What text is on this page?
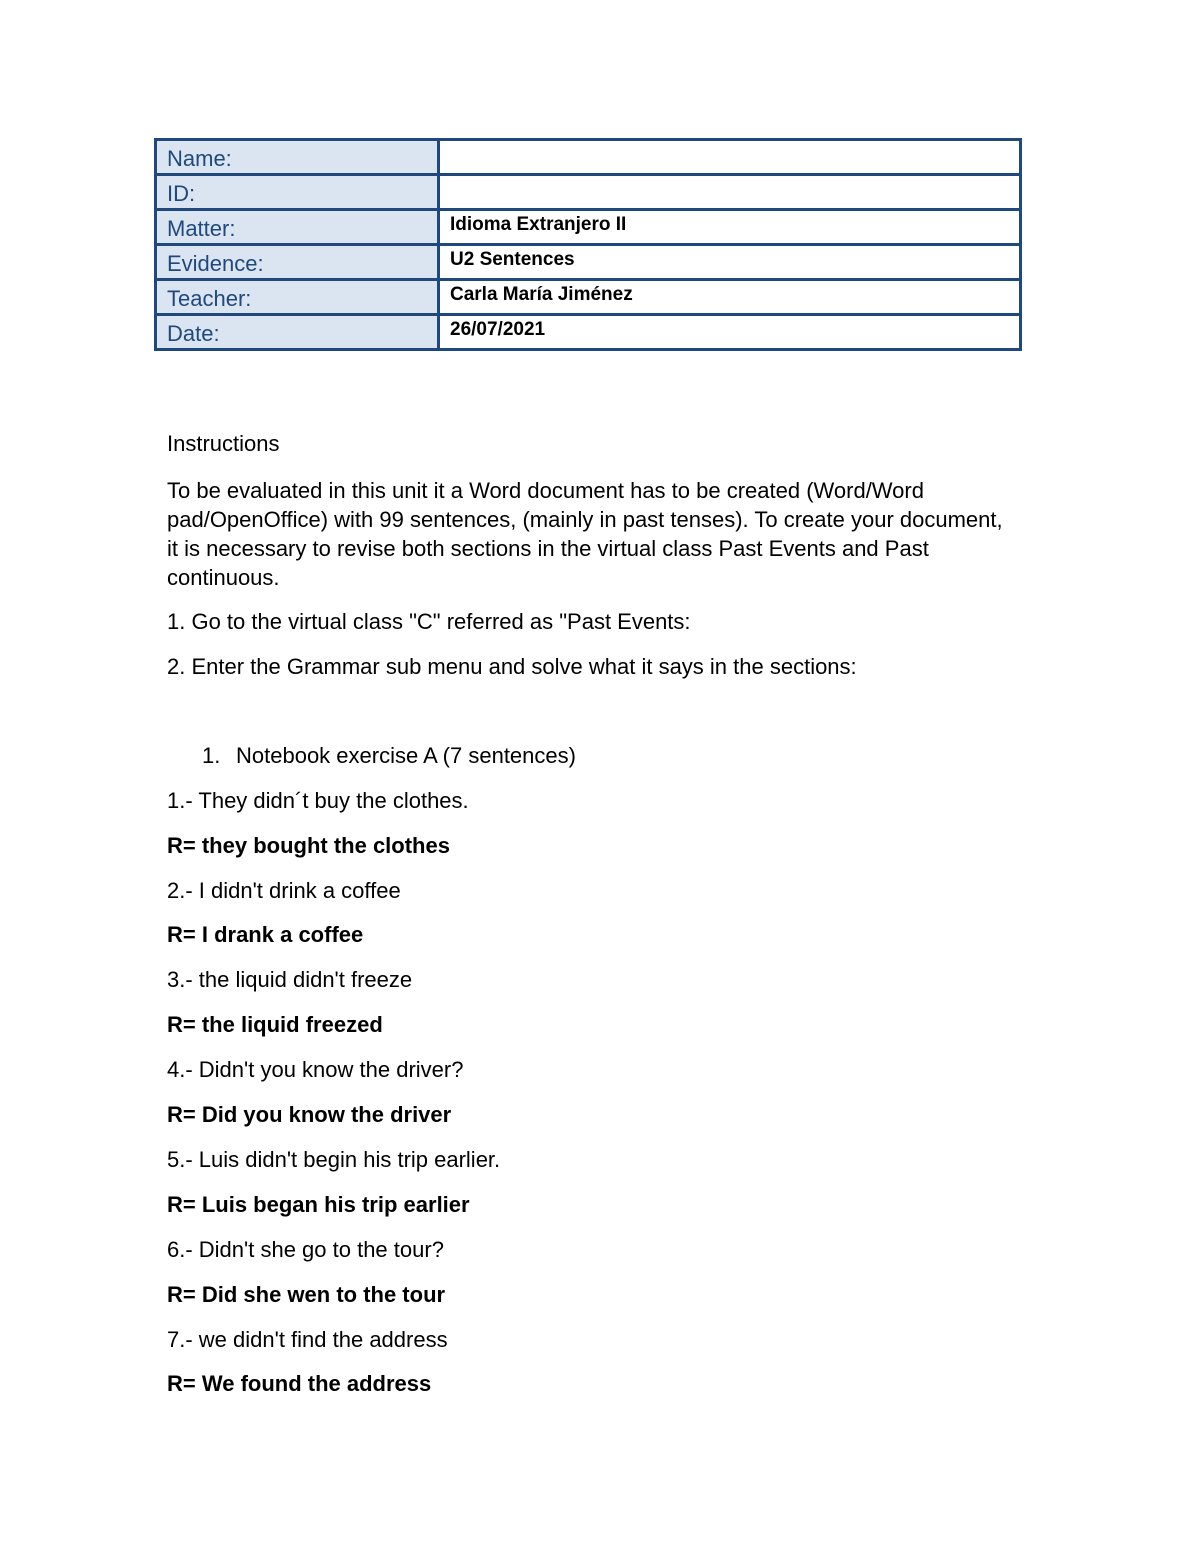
Name:	
ID:	
Matter:	Idioma Extranjero II
Evidence:	U2 Sentences
Teacher:	Carla María Jiménez
Date:	26/07/2021

Instructions

To be evaluated in this unit it a Word document has to be created (Word/Word pad/OpenOffice) with 99 sentences, (mainly in past tenses). To create your document, it is necessary to revise both sections in the virtual class Past Events and Past continuous.

1. Go to the virtual class "C" referred as "Past Events:

2. Enter the Grammar sub menu and solve what it says in the sections:

1. Notebook exercise A (7 sentences)

1.- They didn´t buy the clothes.

R= they bought the clothes

2.- I didn't drink a coffee

R= I drank a coffee

3.- the liquid didn't freeze

R= the liquid freezed

4.- Didn't you know the driver?

R= Did you know the driver

5.- Luis didn't begin his trip earlier.

R= Luis began his trip earlier

6.- Didn't she go to the tour?

R= Did she wen to the tour

7.- we didn't find the address

R= We found the address
